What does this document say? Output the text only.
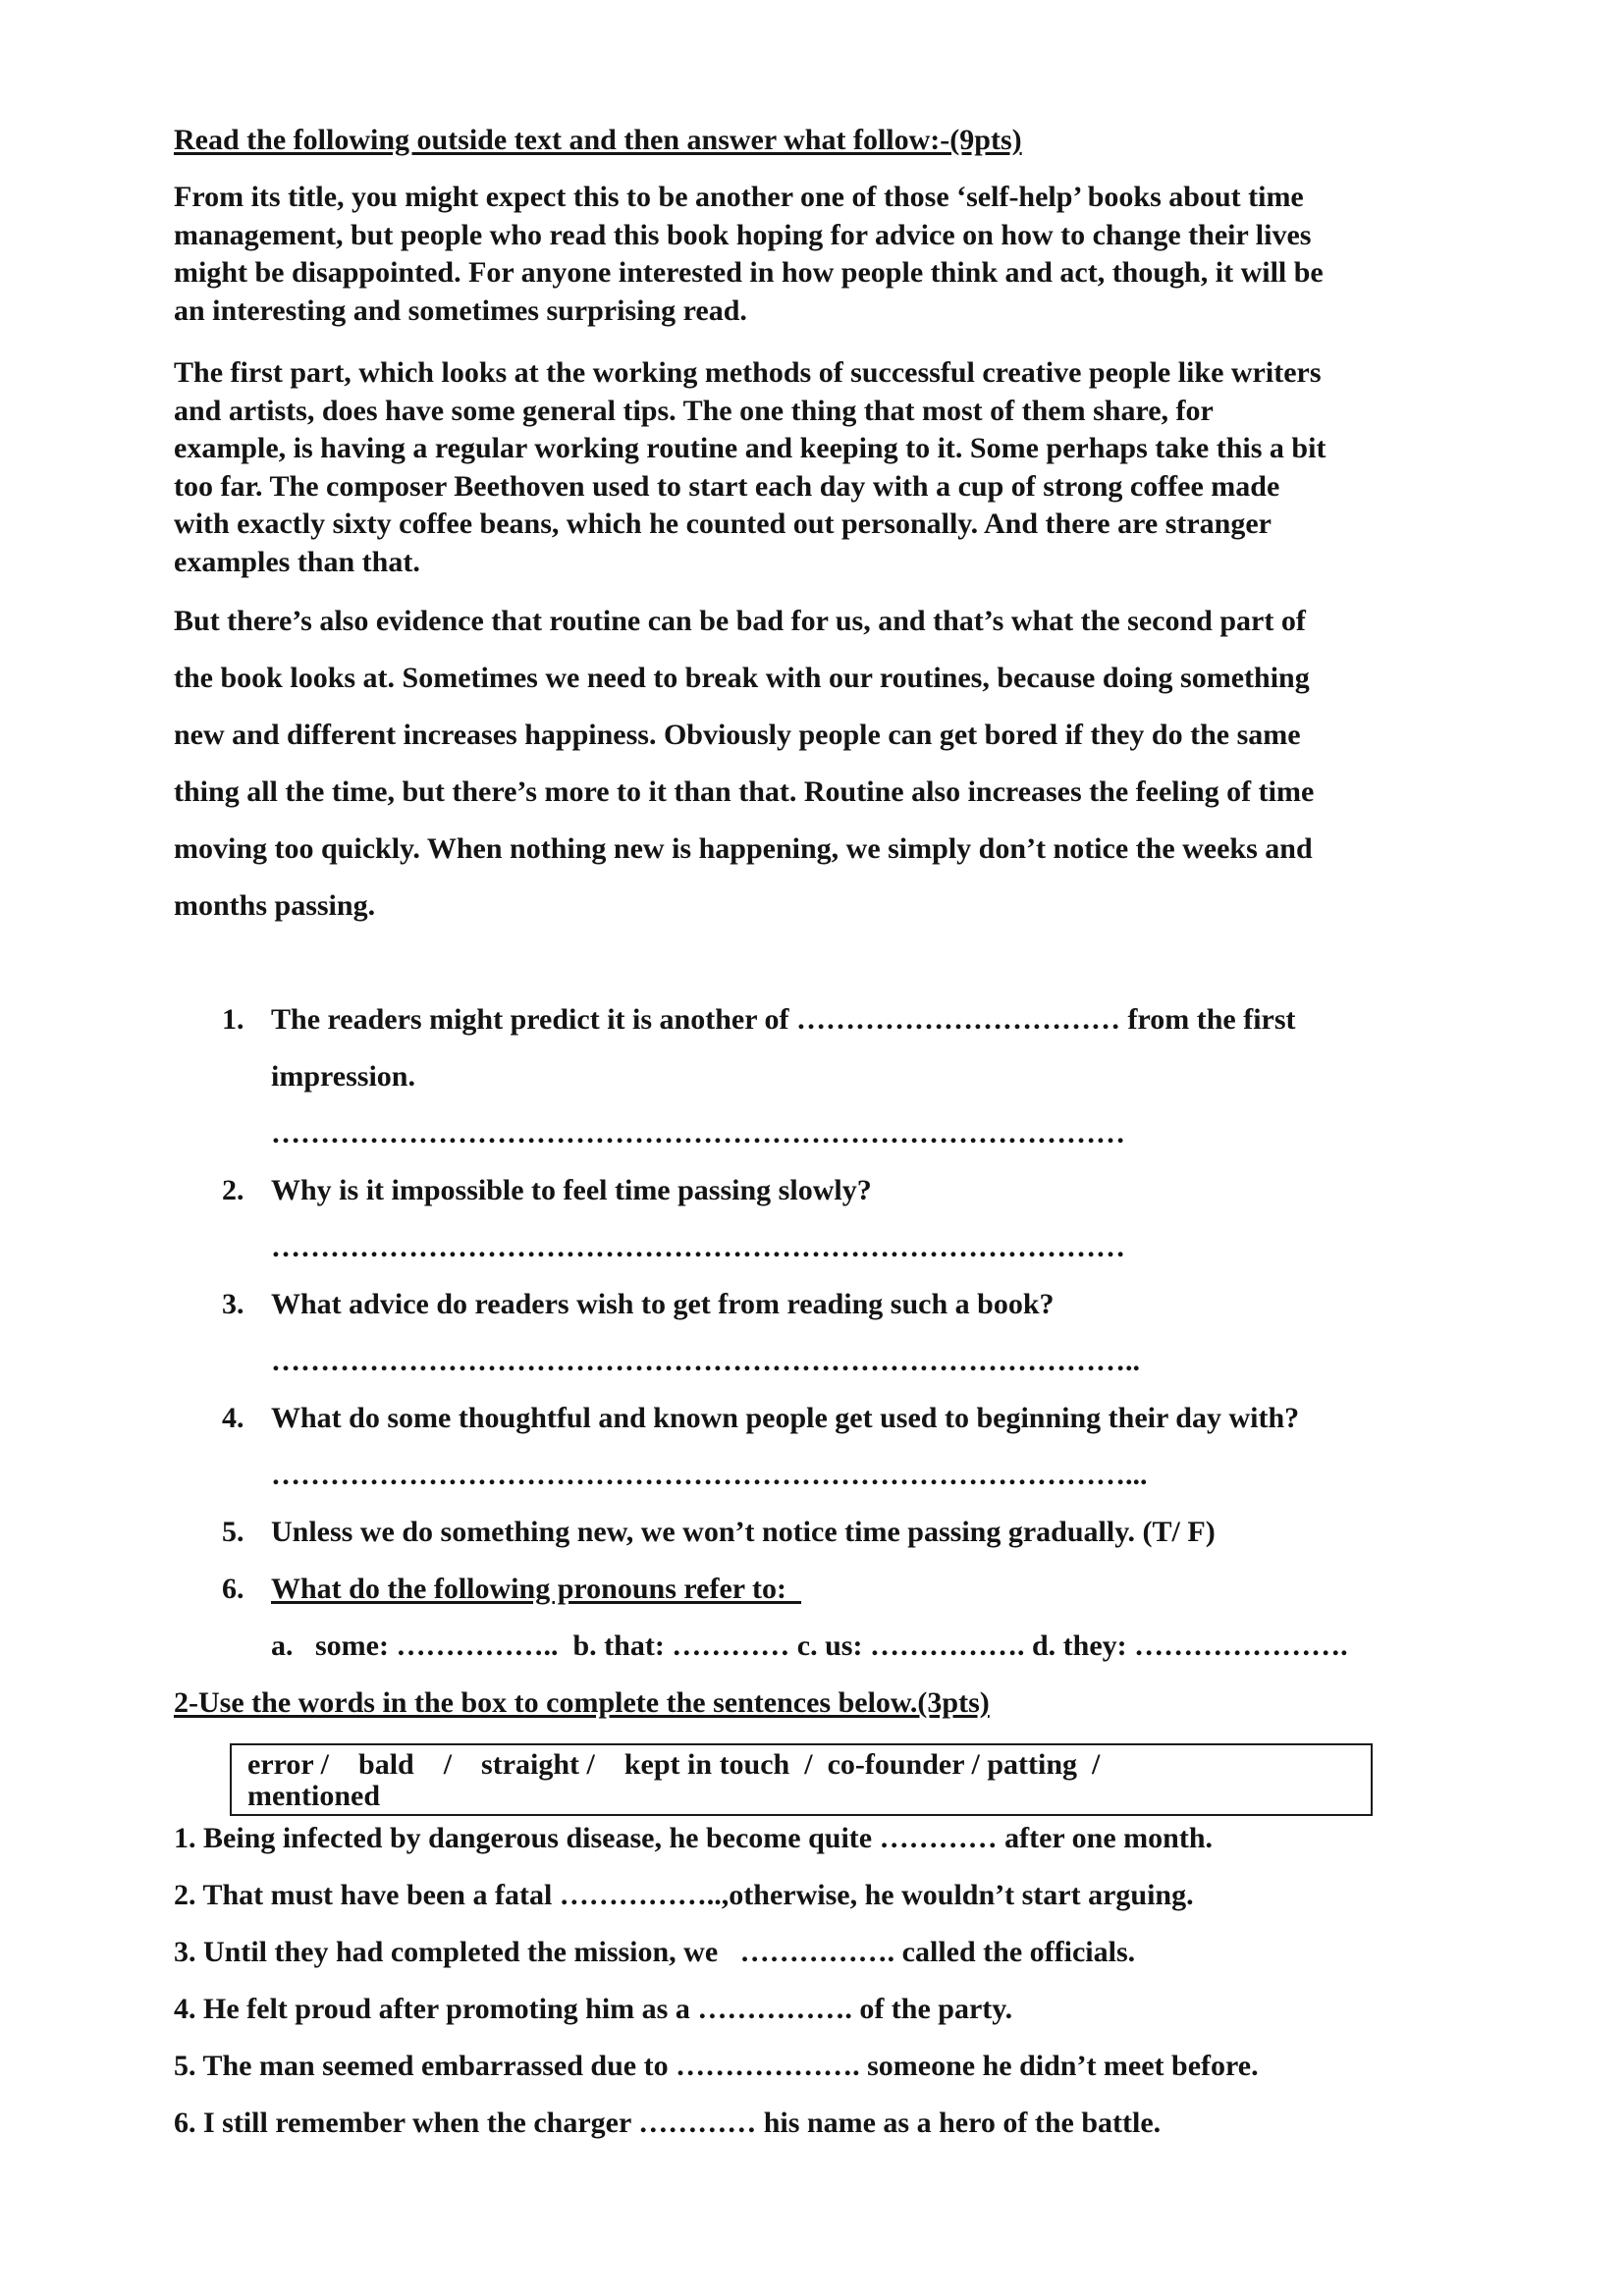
Read the following outside text and then answer what follow:-(9pts)
From its title, you might expect this to be another one of those ‘self-help’ books about time
management, but people who read this book hoping for advice on how to change their lives
might be disappointed. For anyone interested in how people think and act, though, it will be
an interesting and sometimes surprising read.
The first part, which looks at the working methods of successful creative people like writers
and artists, does have some general tips. The one thing that most of them share, for
example, is having a regular working routine and keeping to it. Some perhaps take this a bit
too far. The composer Beethoven used to start each day with a cup of strong coffee made
with exactly sixty coffee beans, which he counted out personally. And there are stranger
examples than that.
But there’s also evidence that routine can be bad for us, and that’s what the second part of
the book looks at. Sometimes we need to break with our routines, because doing something
new and different increases happiness. Obviously people can get bored if they do the same
thing all the time, but there’s more to it than that. Routine also increases the feeling of time
moving too quickly. When nothing new is happening, we simply don’t notice the weeks and
months passing.
1. The readers might predict it is another of …………………………… from the first
impression.
……………………………………………………………………………
2. Why is it impossible to feel time passing slowly?
……………………………………………………………………………
3. What advice do readers wish to get from reading such a book?
……………………………………………………………………………..
4. What do some thoughtful and known people get used to beginning their day with?
……………………………………………………………………………...
5. Unless we do something new, we won’t notice time passing gradually. (T/ F)
6. What do the following pronouns refer to:
a.   some: ……………..  b. that: ………… c. us: ……………. d. they: ………………….
2-Use the words in the box to complete the sentences below.(3pts)
error /    bald    /    straight /    kept in touch  /  co-founder / patting  /
mentioned
1. Being infected by dangerous disease, he become quite ………… after one month.
2. That must have been a fatal ……………..,otherwise, he wouldn’t start arguing.
3. Until they had completed the mission, we   ……………. called the officials.
4. He felt proud after promoting him as a ……………. of the party.
5. The man seemed embarrassed due to ………………. someone he didn’t meet before.
6. I still remember when the charger ………… his name as a hero of the battle.
